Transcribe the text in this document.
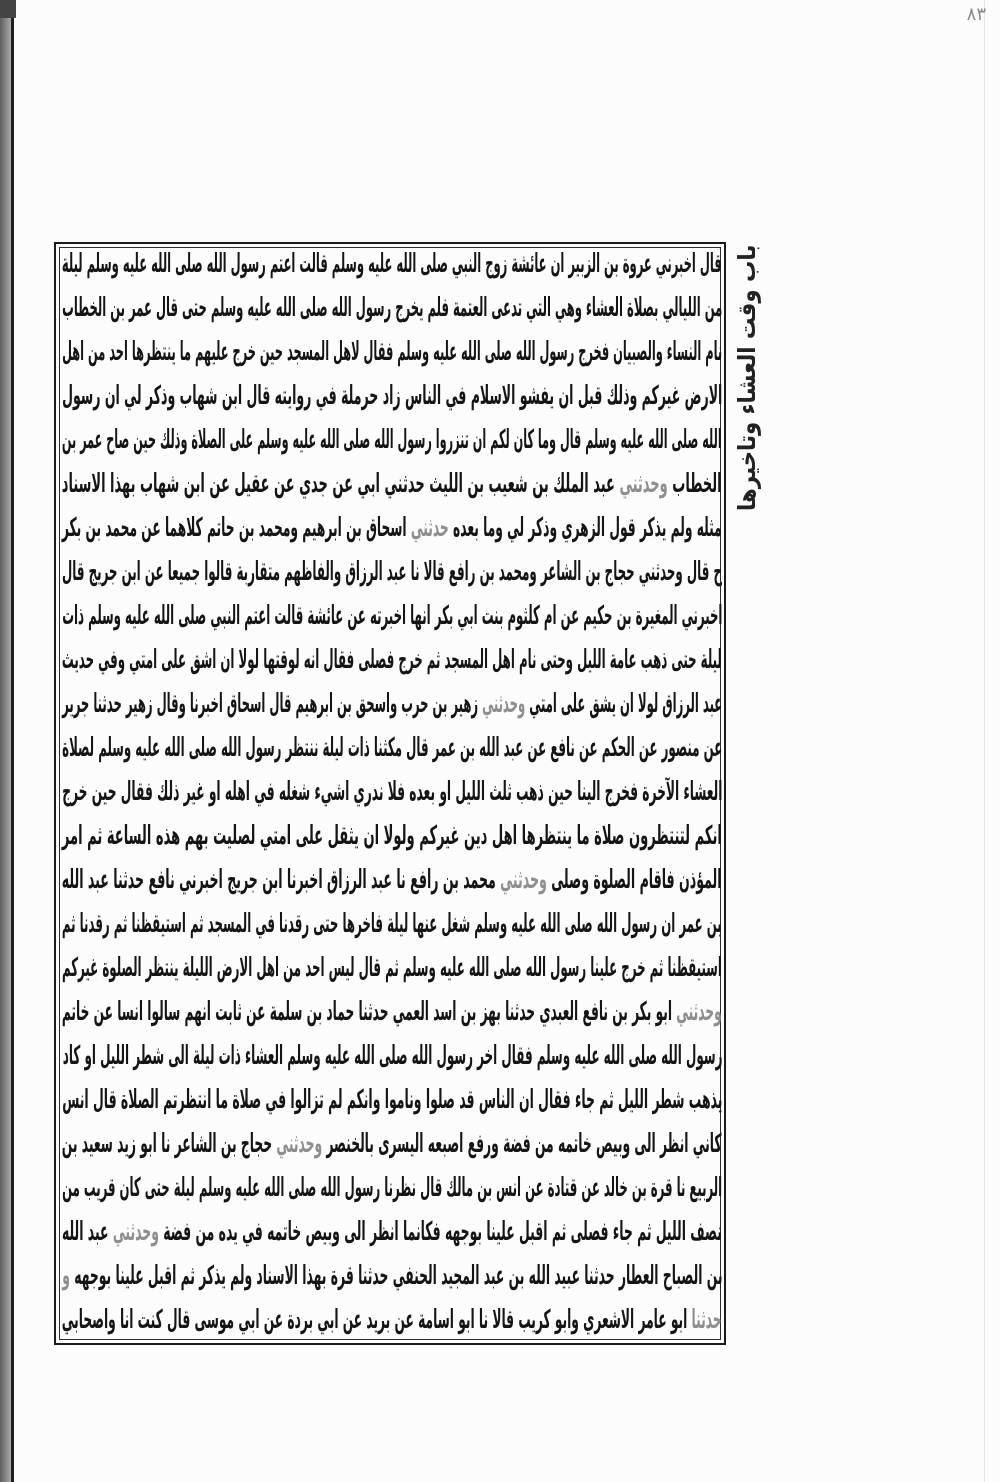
٨٣
قال اخبرني عروة بن الزبير ان عائشة زوج النبي صلى الله عليه وسلم قالت اعتم رسول الله صلى الله عليه وسلم ليلة
من الليالي بصلاة العشاء وهي التي تدعى العتمة فلم يخرج رسول الله صلى الله عليه وسلم حتى قال عمر بن الخطاب
نام النساء والصبيان فخرج رسول الله صلى الله عليه وسلم فقال لاهل المسجد حين خرج عليهم ما ينتظرها احد من اهل
الارض غيركم وذلك قبل ان يفشو الاسلام في الناس زاد حرملة في روايته قال ابن شهاب وذكر لي ان رسول
الله صلى الله عليه وسلم قال وما كان لكم ان تنزروا رسول الله صلى الله عليه وسلم على الصلاة وذلك حين صاح عمر بن
الخطاب وحدثني عبد الملك بن شعيب بن الليث حدثني ابي عن جدي عن عقيل عن ابن شهاب بهذا الاسناد
مثله ولم يذكر قول الزهري وذكر لي وما بعده حدثني اسحاق بن ابرهيم ومحمد بن حاتم كلاهما عن محمد بن بكر
ح قال وحدثني حجاج بن الشاعر ومحمد بن رافع قالا نا عبد الرزاق والفاظهم متقاربة قالوا جميعا عن ابن جريج قال
اخبرني المغيرة بن حكيم عن ام كلثوم بنت ابي بكر انها اخبرته عن عائشة قالت اعتم النبي صلى الله عليه وسلم ذات
ليلة حتى ذهب عامة الليل وحتى نام اهل المسجد ثم خرج فصلى فقال انه لوقتها لولا ان اشق على امتي وفي حديث
عبد الرزاق لولا ان يشق على امتي وحدثني زهير بن حرب واسحق بن ابرهيم قال اسحاق اخبرنا وقال زهير حدثنا جرير
عن منصور عن الحكم عن نافع عن عبد الله بن عمر قال مكثنا ذات ليلة ننتظر رسول الله صلى الله عليه وسلم لصلاة
العشاء الآخرة فخرج الينا حين ذهب ثلث الليل او بعده فلا ندري اشيء شغله في اهله او غير ذلك فقال حين خرج
انكم لتنتظرون صلاة ما ينتظرها اهل دين غيركم ولولا ان يثقل على امتي لصليت بهم هذه الساعة ثم امر
المؤذن فاقام الصلوة وصلى وحدثني محمد بن رافع نا عبد الرزاق اخبرنا ابن جريج اخبرني نافع حدثنا عبد الله
بن عمر ان رسول الله صلى الله عليه وسلم شغل عنها ليلة فاخرها حتى رقدنا في المسجد ثم استيقظنا ثم رقدنا ثم
استيقظنا ثم خرج علينا رسول الله صلى الله عليه وسلم ثم قال ليس احد من اهل الارض الليلة ينتظر الصلوة غيركم
وحدثني ابو بكر بن نافع العبدي حدثنا بهز بن اسد العمي حدثنا حماد بن سلمة عن ثابت انهم سالوا انسا عن خاتم
رسول الله صلى الله عليه وسلم فقال اخر رسول الله صلى الله عليه وسلم العشاء ذات ليلة الى شطر الليل او كاد
يذهب شطر الليل ثم جاء فقال ان الناس قد صلوا وناموا وانكم لم تزالوا في صلاة ما انتظرتم الصلاة قال انس
كاني انظر الى وبيص خاتمه من فضة ورفع اصبعه اليسرى بالخنصر وحدثني حجاج بن الشاعر نا ابو زيد سعيد بن
الربيع نا قرة بن خالد عن قتادة عن انس بن مالك قال نظرنا رسول الله صلى الله عليه وسلم ليلة حتى كان قريب من
نصف الليل ثم جاء فصلى ثم اقبل علينا بوجهه فكانما انظر الى وبيص خاتمه في يده من فضة وحدثني عبد الله
بن الصباح العطار حدثنا عبيد الله بن عبد المجيد الحنفي حدثنا قرة بهذا الاسناد ولم يذكر ثم اقبل علينا بوجهه و
حدثنا ابو عامر الاشعري وابو كريب قالا نا ابو اسامة عن بريد عن ابي بردة عن ابي موسى قال كنت انا واصحابي
باب وقت العشاء وتاخيرها
